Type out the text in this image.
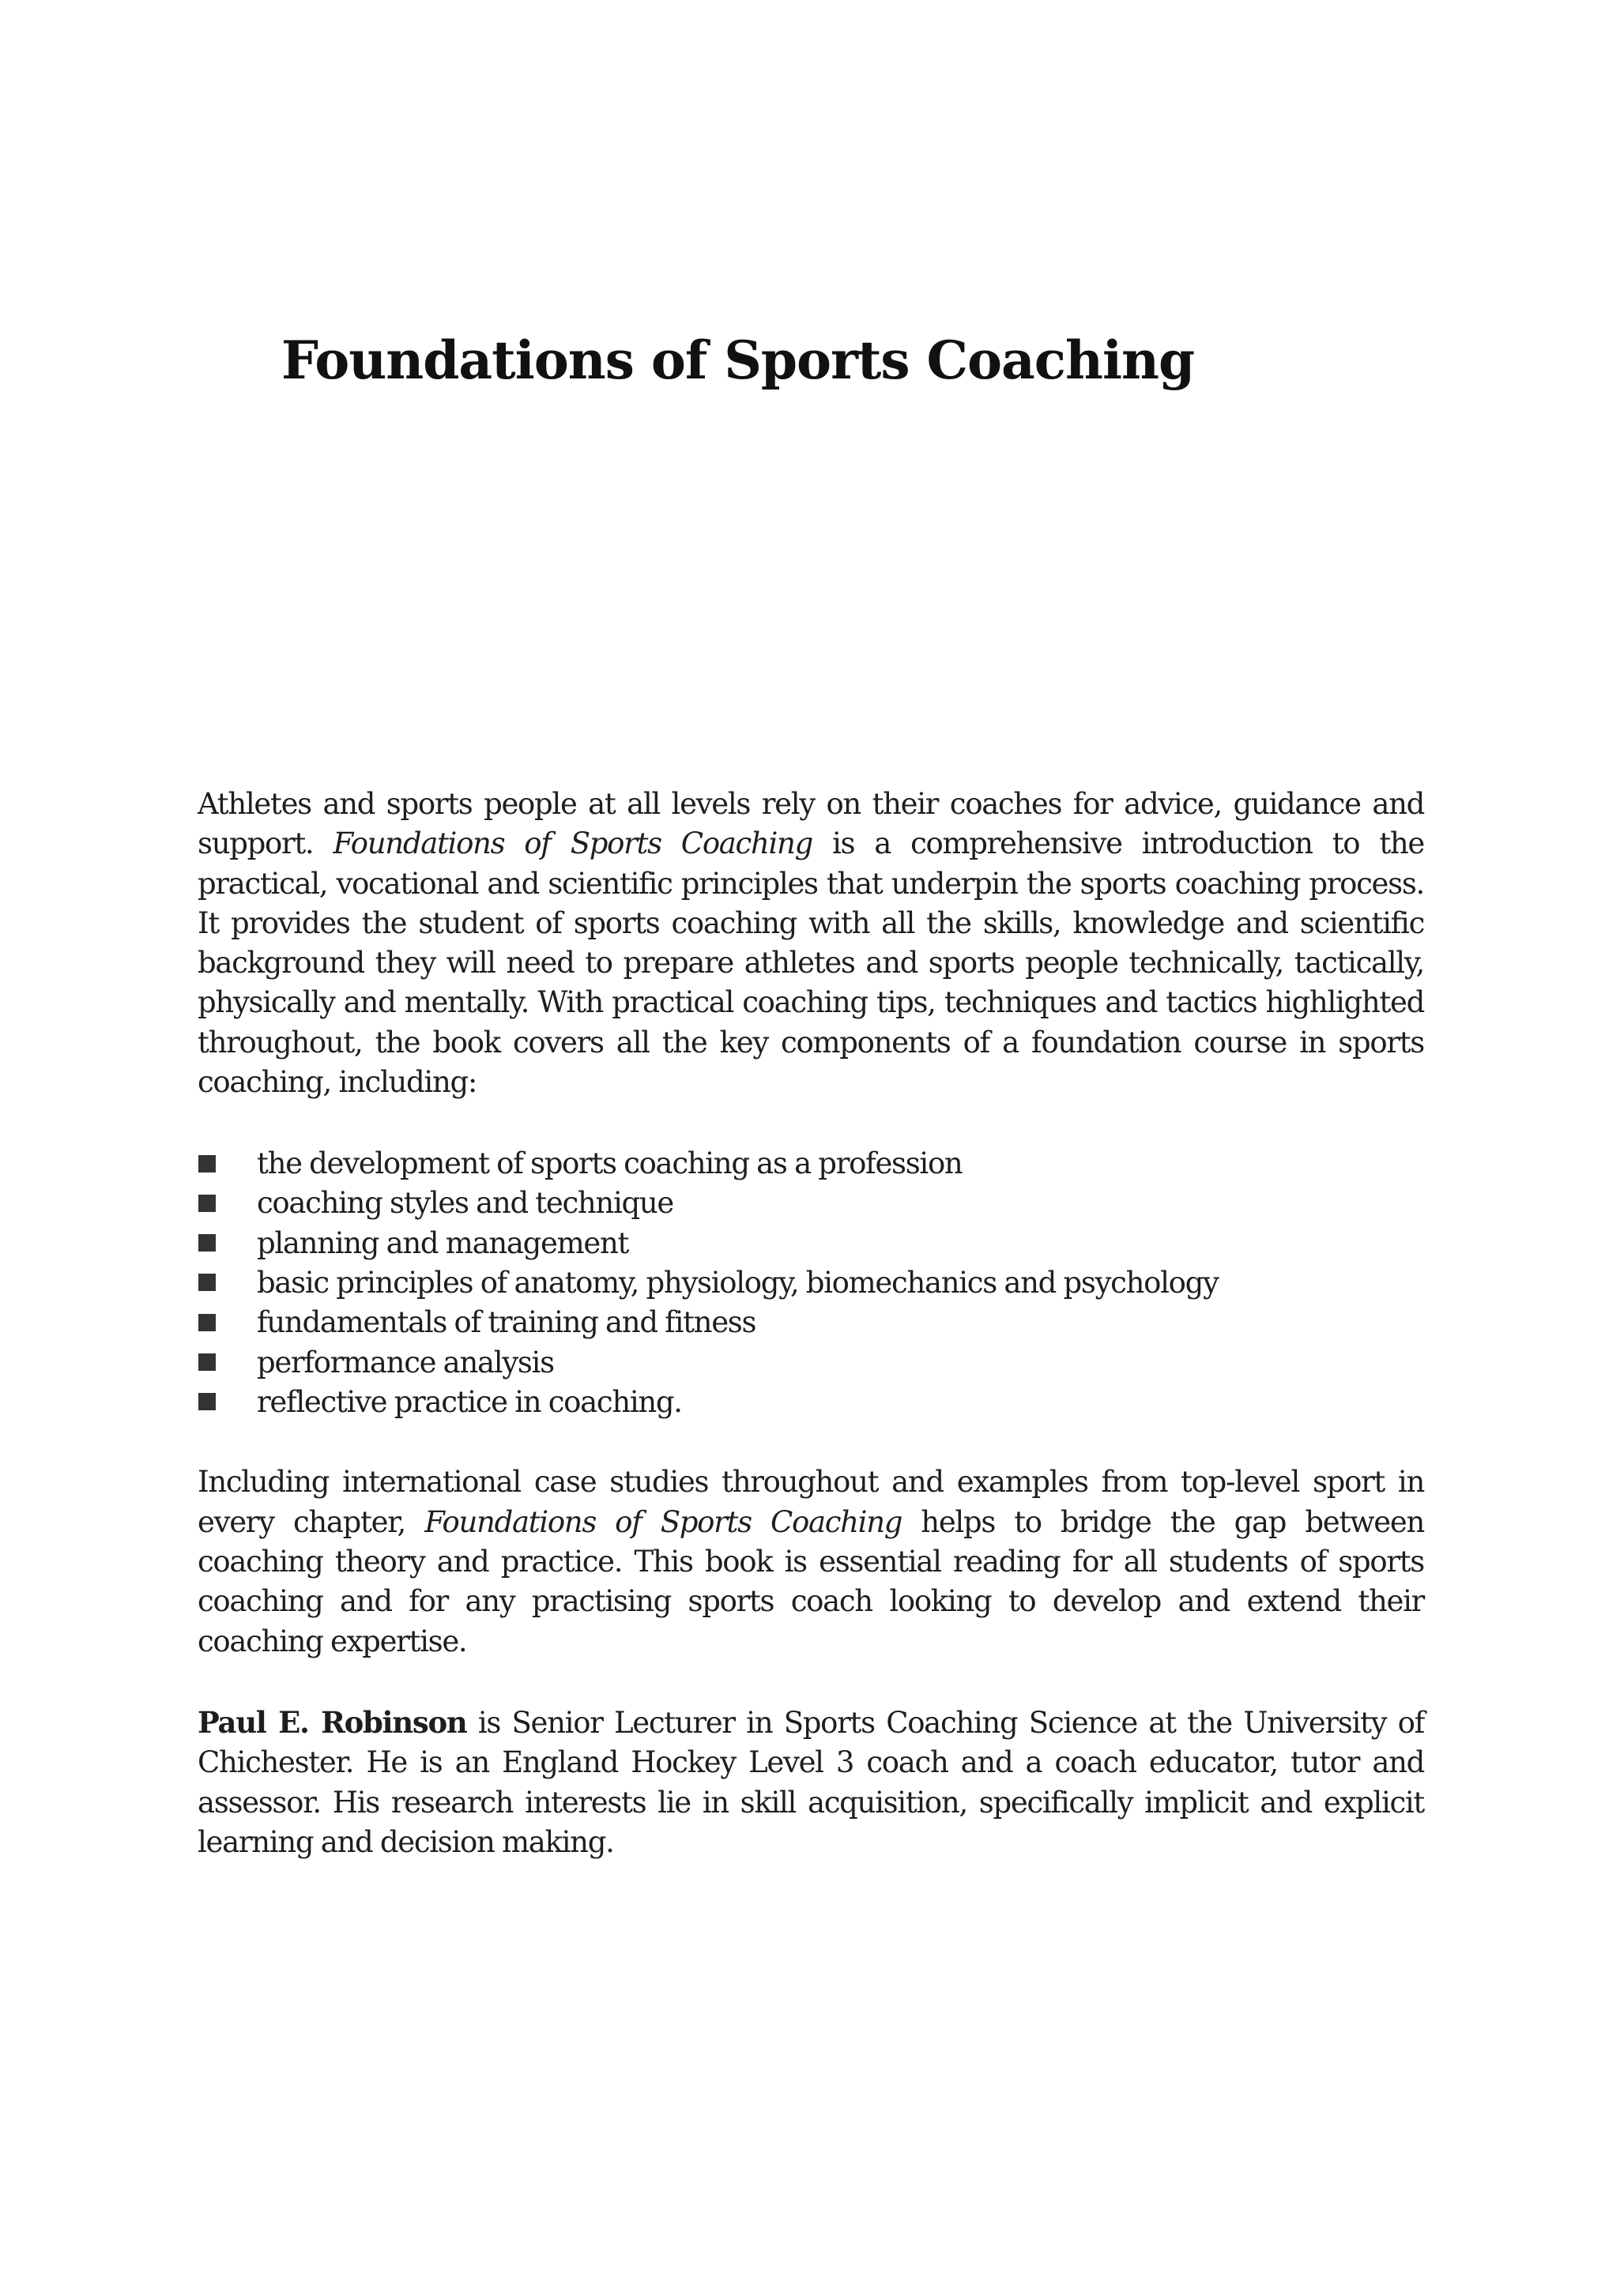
Foundations of Sports Coaching

Athletes and sports people at all levels rely on their coaches for advice, guidance and support. Foundations of Sports Coaching is a comprehensive introduction to the practical, vocational and scientific principles that underpin the sports coaching process. It provides the student of sports coaching with all the skills, knowledge and scientific background they will need to prepare athletes and sports people technically, tactically, physically and mentally. With practical coaching tips, techniques and tactics highlighted throughout, the book covers all the key components of a foundation course in sports coaching, including:

the development of sports coaching as a profession
coaching styles and technique
planning and management
basic principles of anatomy, physiology, biomechanics and psychology
fundamentals of training and fitness
performance analysis
reflective practice in coaching.

Including international case studies throughout and examples from top-level sport in every chapter, Foundations of Sports Coaching helps to bridge the gap between coaching theory and practice. This book is essential reading for all students of sports coaching and for any practising sports coach looking to develop and extend their coaching expertise.

Paul E. Robinson is Senior Lecturer in Sports Coaching Science at the University of Chichester. He is an England Hockey Level 3 coach and a coach educator, tutor and assessor. His research interests lie in skill acquisition, specifically implicit and explicit learning and decision making.
